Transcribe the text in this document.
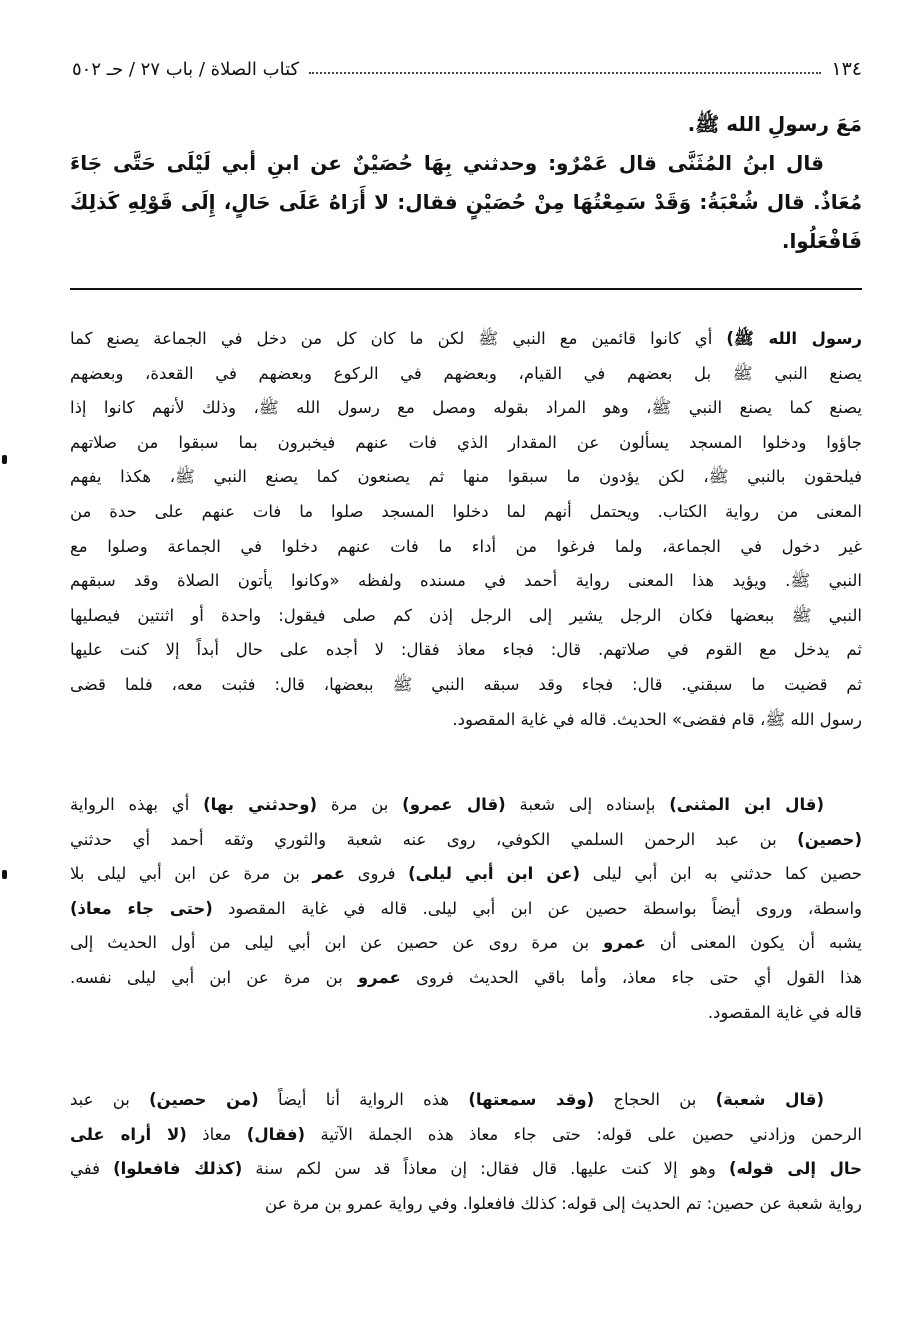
١٣٤
كتاب الصلاة / باب ٢٧ / حـ ٥٠٢
مَعَ رسولِ الله ﷺ.
قال ابنُ المُثَنَّى قال عَمْرٌو: وحدثني بِهَا حُصَيْنٌ عن ابنِ أبي لَيْلَى حَتَّى جَاءَ
مُعَاذٌ. قال شُعْبَةُ: وَقَدْ سَمِعْتُهَا مِنْ حُصَيْنٍ فقال: لا أَرَاهُ عَلَى حَالٍ، إِلَى قَوْلِهِ كَذلِكَ
فَافْعَلُوا.
رسول الله ﷺ) أي كانوا قائمين مع النبي ﷺ لكن ما كان كل من دخل في الجماعة يصنع كما
يصنع النبي ﷺ بل بعضهم في القيام، وبعضهم في الركوع وبعضهم في القعدة، وبعضهم
يصنع كما يصنع النبي ﷺ، وهو المراد بقوله ومصل مع رسول الله ﷺ، وذلك لأنهم كانوا إذا
جاؤوا ودخلوا المسجد يسألون عن المقدار الذي فات عنهم فيخبرون بما سبقوا من صلاتهم
فيلحقون بالنبي ﷺ، لكن يؤدون ما سبقوا منها ثم يصنعون كما يصنع النبي ﷺ، هكذا يفهم
المعنى من رواية الكتاب. ويحتمل أنهم لما دخلوا المسجد صلوا ما فات عنهم على حدة من
غير دخول في الجماعة، ولما فرغوا من أداء ما فات عنهم دخلوا في الجماعة وصلوا مع
النبي ﷺ. ويؤيد هذا المعنى رواية أحمد في مسنده ولفظه «وكانوا يأتون الصلاة وقد سبقهم
النبي ﷺ ببعضها فكان الرجل يشير إلى الرجل إذن كم صلى فيقول: واحدة أو اثنتين فيصليها
ثم يدخل مع القوم في صلاتهم. قال: فجاء معاذ فقال: لا أجده على حال أبداً إلا كنت عليها
ثم قضيت ما سبقني. قال: فجاء وقد سبقه النبي ﷺ ببعضها، قال: فثبت معه، فلما قضى
رسول الله ﷺ، قام فقضى» الحديث. قاله في غاية المقصود.
(قال ابن المثنى) بإسناده إلى شعبة (قال عمرو) بن مرة (وحدثني بها) أي بهذه الرواية
(حصين) بن عبد الرحمن السلمي الكوفي، روى عنه شعبة والثوري وثقه أحمد أي حدثني
حصين كما حدثني به ابن أبي ليلى (عن ابن أبي ليلى) فروى عمر بن مرة عن ابن أبي ليلى بلا
واسطة، وروى أيضاً بواسطة حصين عن ابن أبي ليلى. قاله في غاية المقصود (حتى جاء معاذ)
يشبه أن يكون المعنى أن عمرو بن مرة روى عن حصين عن ابن أبي ليلى من أول الحديث إلى
هذا القول أي حتى جاء معاذ، وأما باقي الحديث فروى عمرو بن مرة عن ابن أبي ليلى نفسه.
قاله في غاية المقصود.
(قال شعبة) بن الحجاج (وقد سمعتها) هذه الرواية أنا أيضاً (من حصين) بن عبد
الرحمن وزادني حصين على قوله: حتى جاء معاذ هذه الجملة الآتية (فقال) معاذ (لا أراه على
حال إلى قوله) وهو إلا كنت عليها. قال فقال: إن معاذاً قد سن لكم سنة (كذلك فافعلوا) ففي
رواية شعبة عن حصين: تم الحديث إلى قوله: كذلك فافعلوا. وفي رواية عمرو بن مرة عن
